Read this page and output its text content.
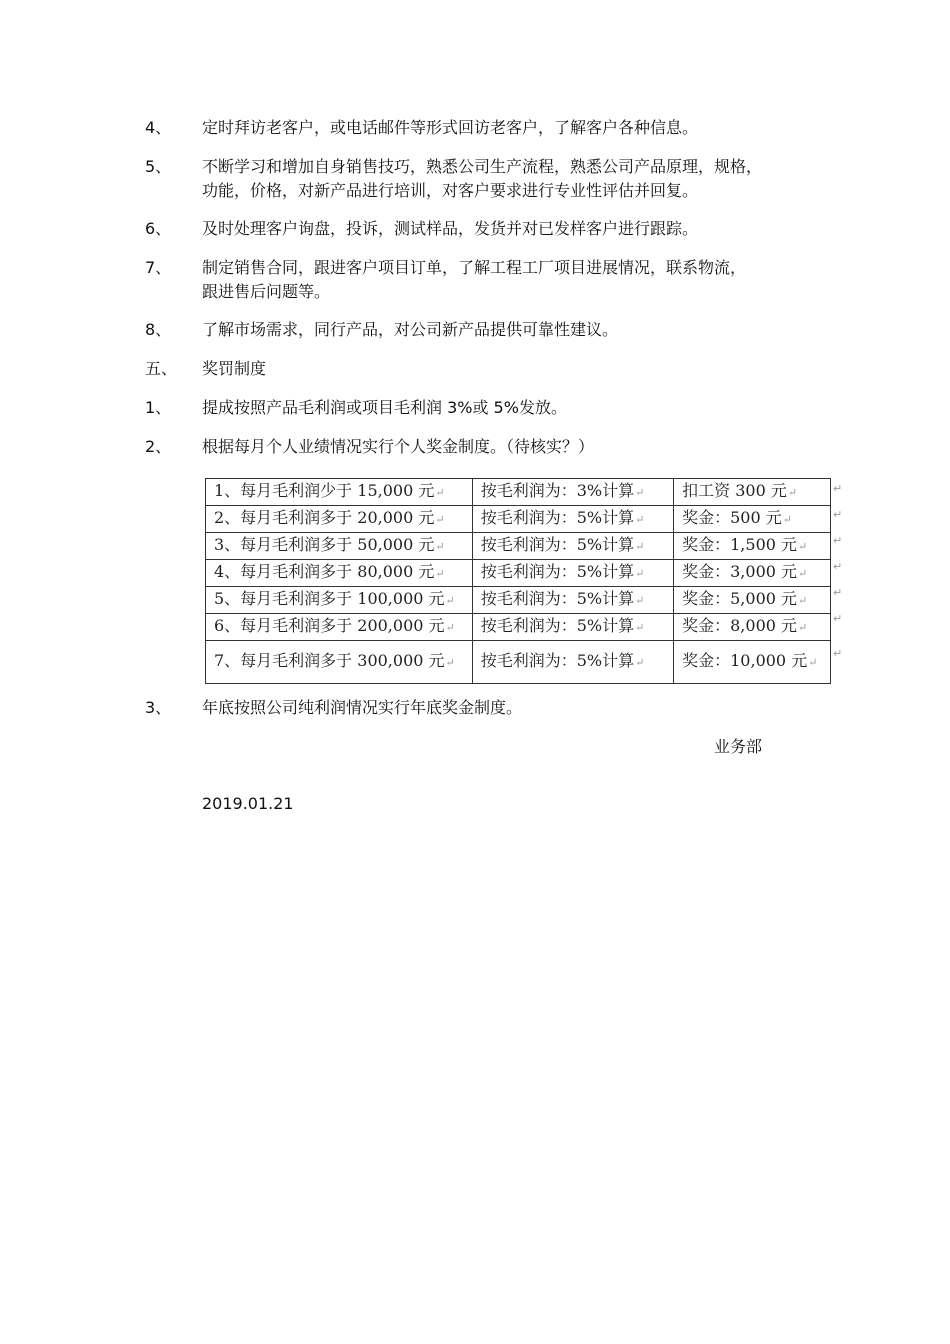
4、	定时拜访老客户，或电话邮件等形式回访老客户，了解客户各种信息。
5、	不断学习和增加自身销售技巧，熟悉公司生产流程，熟悉公司产品原理，规格，
功能，价格，对新产品进行培训，对客户要求进行专业性评估并回复。
6、	及时处理客户询盘，投诉，测试样品，发货并对已发样客户进行跟踪。
7、	制定销售合同，跟进客户项目订单，了解工程工厂项目进展情况，联系物流，
跟进售后问题等。
8、	了解市场需求，同行产品，对公司新产品提供可靠性建议。
五、	奖罚制度
1、	提成按照产品毛利润或项目毛利润 3%或 5%发放。
2、	根据每月个人业绩情况实行个人奖金制度。（待核实？）
1、每月毛利润少于 15,000 元↵	按毛利润为：3%计算↵	扣工资 300 元↵
2、每月毛利润多于 20,000 元↵	按毛利润为：5%计算↵	奖金：500 元↵
3、每月毛利润多于 50,000 元↵	按毛利润为：5%计算↵	奖金：1,500 元↵
4、每月毛利润多于 80,000 元↵	按毛利润为：5%计算↵	奖金：3,000 元↵
5、每月毛利润多于 100,000 元↵	按毛利润为：5%计算↵	奖金：5,000 元↵
6、每月毛利润多于 200,000 元↵	按毛利润为：5%计算↵	奖金：8,000 元↵
7、每月毛利润多于 300,000 元↵	按毛利润为：5%计算↵	奖金：10,000 元↵
↵
↵
↵
↵
↵
↵
↵
3、	年底按照公司纯利润情况实行年底奖金制度。
业务部
2019.01.21
